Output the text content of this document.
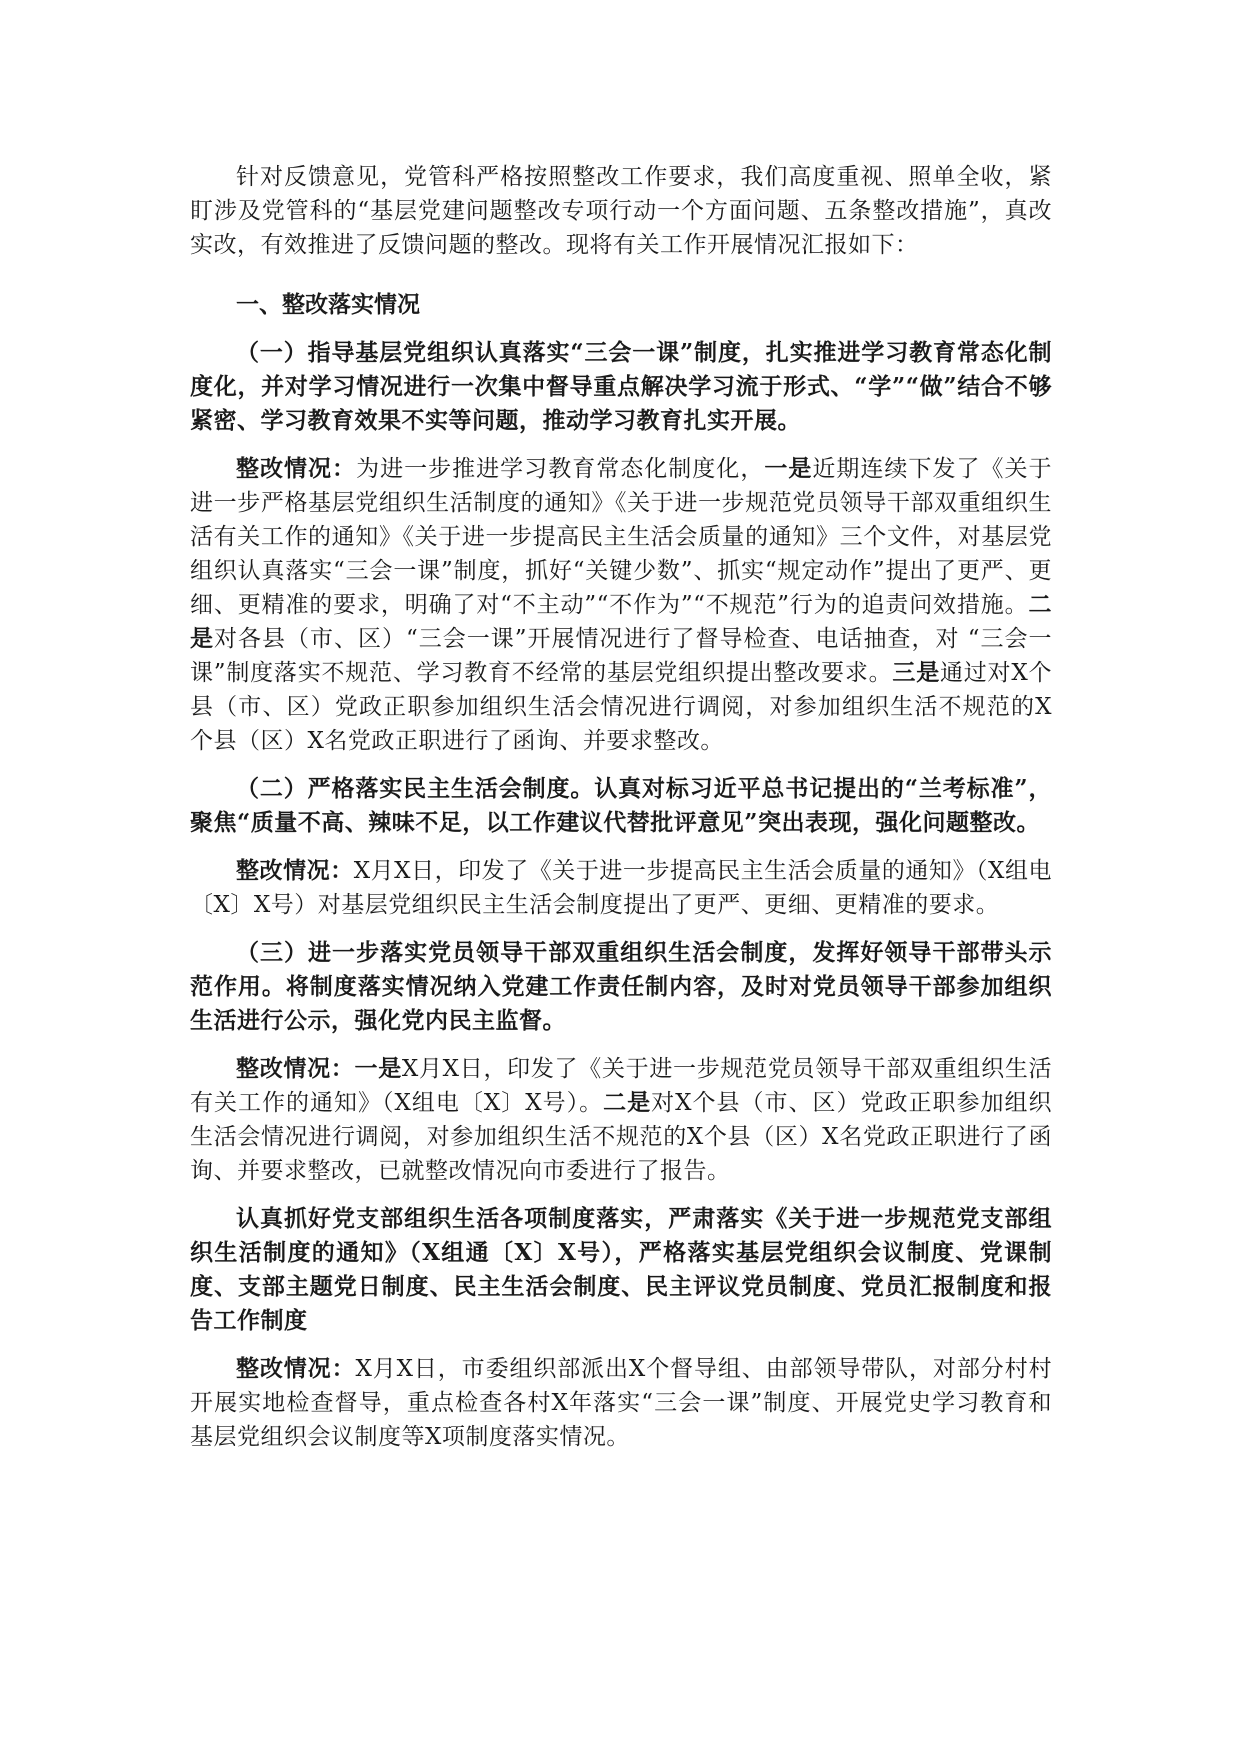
针对反馈意见，党管科严格按照整改工作要求，我们高度重视、照单全收，紧盯涉及党管科的“基层党建问题整改专项行动一个方面问题、五条整改措施”，真改实改，有效推进了反馈问题的整改。现将有关工作开展情况汇报如下：

一、整改落实情况

（一）指导基层党组织认真落实“三会一课”制度，扎实推进学习教育常态化制度化，并对学习情况进行一次集中督导重点解决学习流于形式、“学”“做”结合不够紧密、学习教育效果不实等问题，推动学习教育扎实开展。

整改情况：为进一步推进学习教育常态化制度化，一是近期连续下发了《关于进一步严格基层党组织生活制度的通知》《关于进一步规范党员领导干部双重组织生活有关工作的通知》《关于进一步提高民主生活会质量的通知》三个文件，对基层党组织认真落实“三会一课”制度，抓好“关键少数”、抓实“规定动作”提出了更严、更细、更精准的要求，明确了对“不主动”“不作为”“不规范”行为的追责问效措施。二是对各县（市、区）“三会一课”开展情况进行了督导检查、电话抽查，对 “三会一课”制度落实不规范、学习教育不经常的基层党组织提出整改要求。三是通过对X个县（市、区）党政正职参加组织生活会情况进行调阅，对参加组织生活不规范的X个县（区）X名党政正职进行了函询、并要求整改。

（二）严格落实民主生活会制度。认真对标习近平总书记提出的“兰考标准”，聚焦“质量不高、辣味不足，以工作建议代替批评意见”突出表现，强化问题整改。

整改情况：X月X日，印发了《关于进一步提高民主生活会质量的通知》（X组电〔X〕X号）对基层党组织民主生活会制度提出了更严、更细、更精准的要求。

（三）进一步落实党员领导干部双重组织生活会制度，发挥好领导干部带头示范作用。将制度落实情况纳入党建工作责任制内容，及时对党员领导干部参加组织生活进行公示，强化党内民主监督。

整改情况：一是X月X日，印发了《关于进一步规范党员领导干部双重组织生活有关工作的通知》（X组电〔X〕X号）。二是对X个县（市、区）党政正职参加组织生活会情况进行调阅，对参加组织生活不规范的X个县（区）X名党政正职进行了函询、并要求整改，已就整改情况向市委进行了报告。

认真抓好党支部组织生活各项制度落实，严肃落实《关于进一步规范党支部组织生活制度的通知》（X组通〔X〕X号），严格落实基层党组织会议制度、党课制度、支部主题党日制度、民主生活会制度、民主评议党员制度、党员汇报制度和报告工作制度

整改情况：X月X日，市委组织部派出X个督导组、由部领导带队，对部分村村开展实地检查督导，重点检查各村X年落实“三会一课”制度、开展党史学习教育和基层党组织会议制度等X项制度落实情况。
